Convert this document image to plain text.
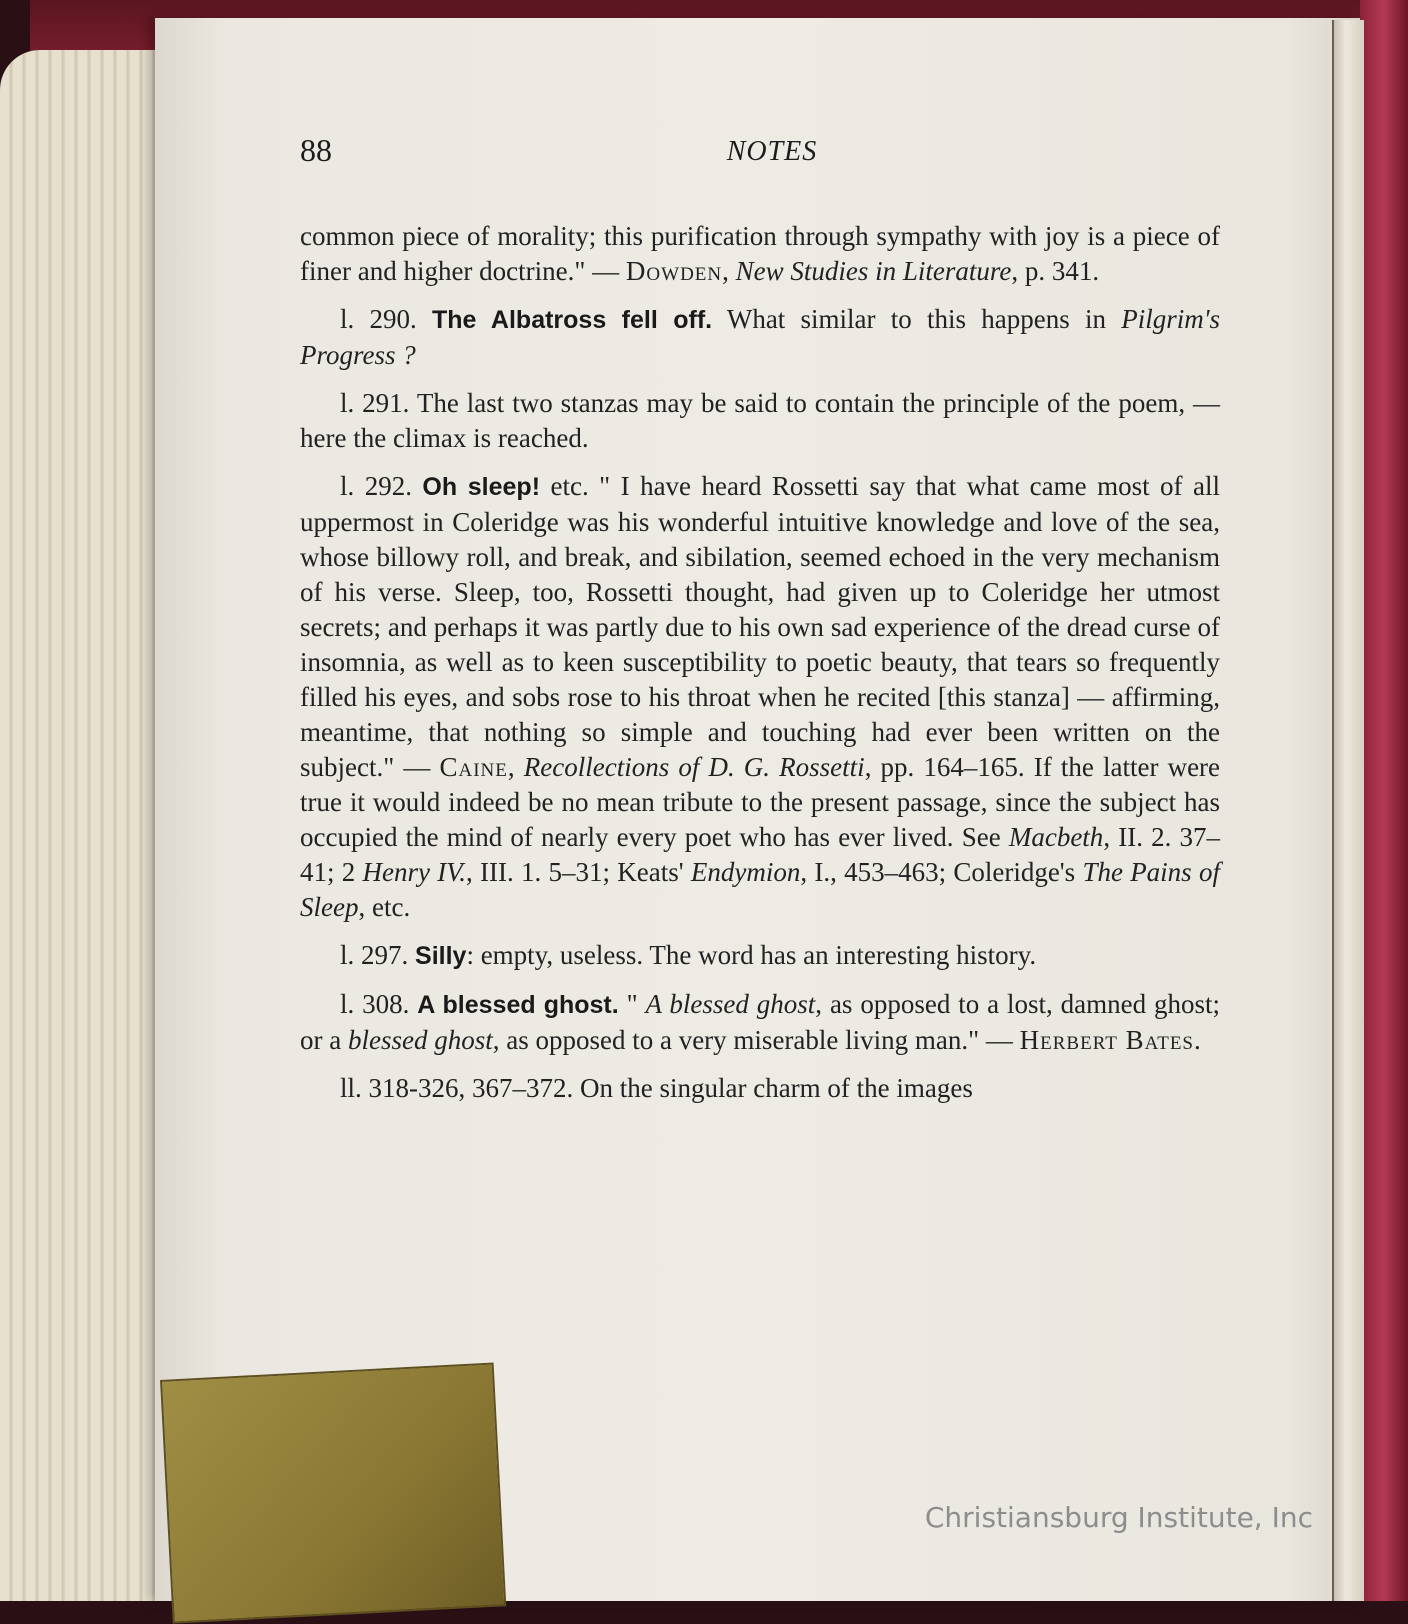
88	NOTES

common piece of morality; this purification through sympathy with joy is a piece of finer and higher doctrine." — Dowden, New Studies in Literature, p. 341.

l. 290. The Albatross fell off. What similar to this happens in Pilgrim's Progress ?

l. 291. The last two stanzas may be said to contain the principle of the poem, — here the climax is reached.

l. 292. Oh sleep! etc. " I have heard Rossetti say that what came most of all uppermost in Coleridge was his wonderful intuitive knowledge and love of the sea, whose billowy roll, and break, and sibilation, seemed echoed in the very mechanism of his verse. Sleep, too, Rossetti thought, had given up to Coleridge her utmost secrets; and perhaps it was partly due to his own sad experience of the dread curse of insomnia, as well as to keen susceptibility to poetic beauty, that tears so frequently filled his eyes, and sobs rose to his throat when he recited [this stanza] — affirming, meantime, that nothing so simple and touching had ever been written on the subject." — Caine, Recollections of D. G. Rossetti, pp. 164–165. If the latter were true it would indeed be no mean tribute to the present passage, since the subject has occupied the mind of nearly every poet who has ever lived. See Macbeth, II. 2. 37–41; 2 Henry IV., III. 1. 5–31; Keats' Endymion, I., 453–463; Coleridge's The Pains of Sleep, etc.

l. 297. Silly: empty, useless. The word has an interesting history.

l. 308. A blessed ghost. " A blessed ghost, as opposed to a lost, damned ghost; or a blessed ghost, as opposed to a very miserable living man." — Herbert Bates.

ll. 318-326, 367–372. On the singular charm of the images

Christiansburg Institute, Inc
